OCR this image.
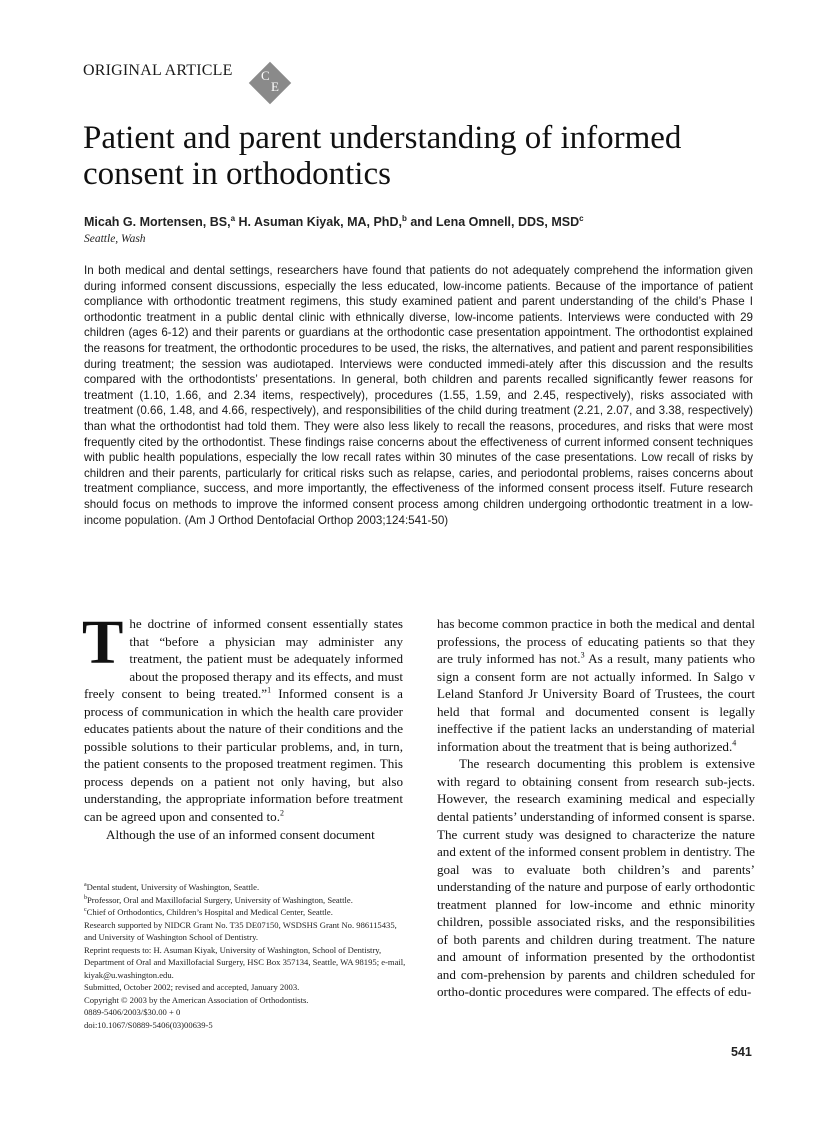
ORIGINAL ARTICLE C
E
Patient and parent understanding of informed consent in orthodontics
Micah G. Mortensen, BS,$^a$ H. Asuman Kiyak, MA, PhD,$^b$ and Lena Omnell, DDS, MSD$^c$
Seattle, Wash

In both medical and dental settings, researchers have found that patients do not adequately comprehend the information given during informed consent discussions, especially the less educated, low-income patients. Because of the importance of patient compliance with orthodontic treatment regimens, this study examined patient and parent understanding of the child’s Phase I orthodontic treatment in a public dental clinic with ethnically diverse, low-income patients. Interviews were conducted with 29 children (ages 6-12) and their parents or guardians at the orthodontic case presentation appointment. The orthodontist explained the reasons for treatment, the orthodontic procedures to be used, the risks, the alternatives, and patient and parent responsibilities during treatment; the session was audiotaped. Interviews were conducted immedi-ately after this discussion and the results compared with the orthodontists’ presentations. In general, both children and parents recalled significantly fewer reasons for treatment (1.10, 1.66, and 2.34 items, respectively), procedures (1.55, 1.59, and 2.45, respectively), risks associated with treatment (0.66, 1.48, and 4.66, respectively), and responsibilities of the child during treatment (2.21, 2.07, and 3.38, respectively) than what the orthodontist had told them. They were also less likely to recall the reasons, procedures, and risks that were most frequently cited by the orthodontist. These findings raise concerns about the effectiveness of current informed consent techniques with public health populations, especially the low recall rates within 30 minutes of the case presentations. Low recall of risks by children and their parents, particularly for critical risks such as relapse, caries, and periodontal problems, raises concerns about treatment compliance, success, and more importantly, the effectiveness of the informed consent process itself. Future research should focus on methods to improve the informed consent process among children undergoing orthodontic treatment in a low-income population. (Am J Orthod Dentofacial Orthop 2003;124:541-50)

The doctrine of informed consent essentially states that “before a physician may administer any treatment, the patient must be adequately informed about the proposed therapy and its effects, and must freely consent to being treated.”$^1$ Informed consent is a process of communication in which the health care provider educates patients about the nature of their conditions and the possible solutions to their particular problems, and, in turn, the patient consents to the proposed treatment regimen. This process depends on a patient not only having, but also understanding, the appropriate information before treatment can be agreed upon and consented to.$^2$

Although the use of an informed consent document

has become common practice in both the medical and dental professions, the process of educating patients so that they are truly informed has not.$^3$ As a result, many patients who sign a consent form are not actually informed. In Salgo v Leland Stanford Jr University Board of Trustees, the court held that formal and documented consent is legally ineffective if the patient lacks an understanding of material information about the treatment that is being authorized.$^4$

The research documenting this problem is extensive with regard to obtaining consent from research sub-jects. However, the research examining medical and especially dental patients’ understanding of informed consent is sparse. The current study was designed to characterize the nature and extent of the informed consent problem in dentistry. The goal was to evaluate both children’s and parents’ understanding of the nature and purpose of early orthodontic treatment planned for low-income and ethnic minority children, possible associated risks, and the responsibilities of both parents and children during treatment. The nature and amount of information presented by the orthodontist and com-prehension by parents and children scheduled for ortho-dontic procedures were compared. The effects of edu-

$^a$Dental student, University of Washington, Seattle.

$^b$Professor, Oral and Maxillofacial Surgery, University of Washington, Seattle.

$^c$Chief of Orthodontics, Children’s Hospital and Medical Center, Seattle.

Research supported by NIDCR Grant No. T35 DE07150, WSDSHS Grant No. 986115435, and University of Washington School of Dentistry.

Reprint requests to: H. Asuman Kiyak, University of Washington, School of Dentistry, Department of Oral and Maxillofacial Surgery, HSC Box 357134, Seattle, WA 98195; e-mail, kiyak@u.washington.edu.

Submitted, October 2002; revised and accepted, January 2003.

Copyright © 2003 by the American Association of Orthodontists.

0889-5406/2003/$30.00 + 0

doi:10.1067/S0889-5406(03)00639-5

541
